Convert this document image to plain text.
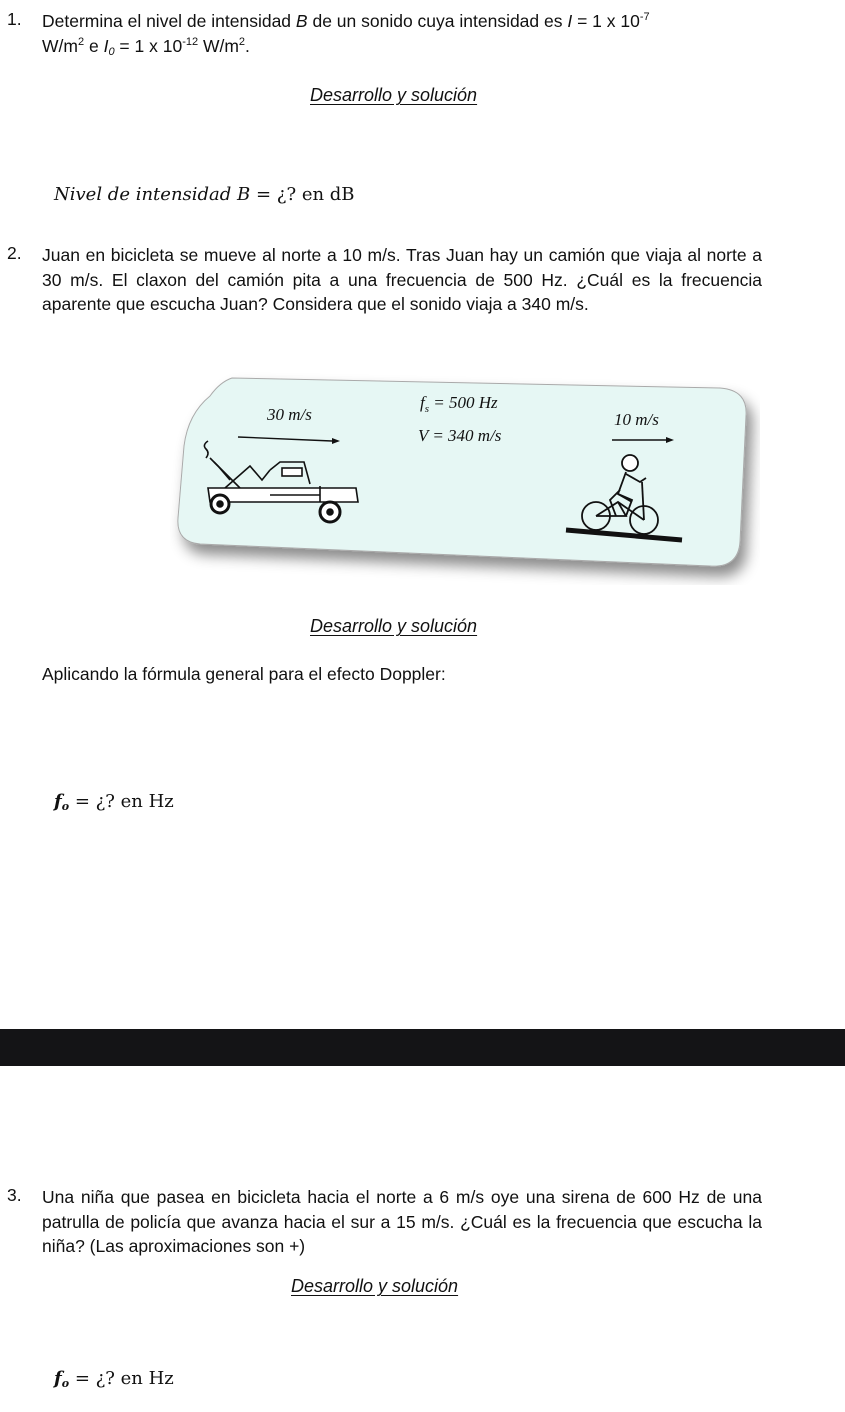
1. Determina el nivel de intensidad B de un sonido cuya intensidad es I = 1 x $10^{-7}$
$W/m^2$ e $I_0 = 1$ x $10^{-12}$ $W/m^2$.
Desarrollo y solución
Nivel de intensidad B = ¿? en dB
2. Juan en bicicleta se mueve al norte a 10 m/s. Tras Juan hay un camión que viaja al norte a 30 m/s. El claxon del camión pita a una frecuencia de 500 Hz. ¿Cuál es la frecuencia aparente que escucha Juan? Considera que el sonido viaja a 340 m/s.
30 m/s
$f_s = 500$ Hz
V = 340 m/s
10 m/s
Desarrollo y solución
Aplicando la fórmula general para el efecto Doppler:
$f_o$ = ¿? en Hz
3. Una niña que pasea en bicicleta hacia el norte a 6 m/s oye una sirena de 600 Hz de una patrulla de policía que avanza hacia el sur a 15 m/s. ¿Cuál es la frecuencia que escucha la niña? (Las aproximaciones son +)
Desarrollo y solución
$f_o$ = ¿? en Hz
